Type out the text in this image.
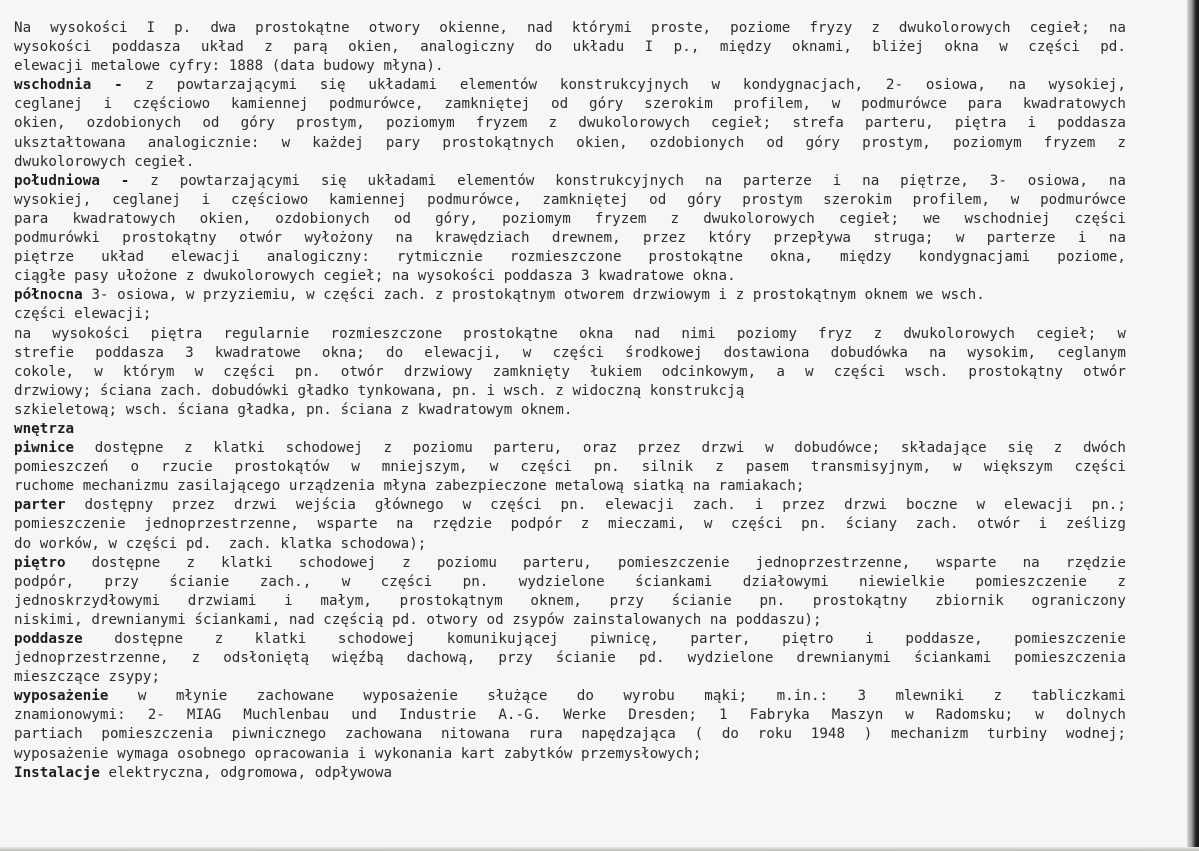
Na wysokości I p. dwa prostokątne otwory okienne, nad którymi proste, poziome fryzy z dwukolorowych cegieł; na
wysokości poddasza układ z parą okien, analogiczny do układu I p., między oknami, bliżej okna w części pd.
elewacji metalowe cyfry: 1888 (data budowy młyna).
wschodnia - z powtarzającymi się układami elementów konstrukcyjnych w kondygnacjach, 2- osiowa, na wysokiej,
ceglanej i częściowo kamiennej podmurówce, zamkniętej od góry szerokim profilem, w podmurówce para kwadratowych
okien, ozdobionych od góry prostym, poziomym fryzem z dwukolorowych cegieł; strefa parteru, piętra i poddasza
ukształtowana analogicznie: w każdej pary prostokątnych okien, ozdobionych od góry prostym, poziomym fryzem z
dwukolorowych cegieł.
południowa - z powtarzającymi się układami elementów konstrukcyjnych na parterze i na piętrze, 3- osiowa, na
wysokiej, ceglanej i częściowo kamiennej podmurówce, zamkniętej od góry prostym szerokim profilem, w podmurówce
para kwadratowych okien, ozdobionych od góry, poziomym fryzem z dwukolorowych cegieł; we wschodniej części
podmurówki prostokątny otwór wyłożony na krawędziach drewnem, przez który przepływa struga; w parterze i na
piętrze układ elewacji analogiczny: rytmicznie rozmieszczone prostokątne okna, między kondygnacjami poziome,
ciągłe pasy ułożone z dwukolorowych cegieł; na wysokości poddasza 3 kwadratowe okna.
północna 3- osiowa, w przyziemiu, w części zach. z prostokątnym otworem drzwiowym i z prostokątnym oknem we wsch.
części elewacji;
na wysokości piętra regularnie rozmieszczone prostokątne okna nad nimi poziomy fryz z dwukolorowych cegieł; w
strefie poddasza 3 kwadratowe okna; do elewacji, w części środkowej dostawiona dobudówka na wysokim, ceglanym
cokole, w którym w części pn. otwór drzwiowy zamknięty łukiem odcinkowym, a w części wsch. prostokątny otwór
drzwiowy; ściana zach. dobudówki gładko tynkowana, pn. i wsch. z widoczną konstrukcją
szkieletową; wsch. ściana gładka, pn. ściana z kwadratowym oknem.
wnętrza
piwnice dostępne z klatki schodowej z poziomu parteru, oraz przez drzwi w dobudówce; składające się z dwóch
pomieszczeń o rzucie prostokątów w mniejszym, w części pn. silnik z pasem transmisyjnym, w większym części
ruchome mechanizmu zasilającego urządzenia młyna zabezpieczone metalową siatką na ramiakach;
parter dostępny przez drzwi wejścia głównego w części pn. elewacji zach. i przez drzwi boczne w elewacji pn.;
pomieszczenie jednoprzestrzenne, wsparte na rzędzie podpór z mieczami, w części pn. ściany zach. otwór i ześlizg
do worków, w części pd.  zach. klatka schodowa);
piętro dostępne z klatki schodowej z poziomu parteru, pomieszczenie jednoprzestrzenne, wsparte na rzędzie
podpór, przy ścianie zach., w części pn. wydzielone ściankami działowymi niewielkie pomieszczenie z
jednoskrzydłowymi drzwiami i małym, prostokątnym oknem, przy ścianie pn. prostokątny zbiornik ograniczony
niskimi, drewnianymi ściankami, nad częścią pd. otwory od zsypów zainstalowanych na poddaszu);
poddasze dostępne z klatki schodowej komunikującej piwnicę, parter, piętro i poddasze, pomieszczenie
jednoprzestrzenne, z odsłoniętą więźbą dachową, przy ścianie pd. wydzielone drewnianymi ściankami pomieszczenia
mieszczące zsypy;
wyposażenie w młynie zachowane wyposażenie służące do wyrobu mąki; m.in.: 3 mlewniki z tabliczkami
znamionowymi: 2- MIAG Muchlenbau und Industrie A.-G. Werke Dresden; 1 Fabryka Maszyn w Radomsku; w dolnych
partiach pomieszczenia piwnicznego zachowana nitowana rura napędzająca ( do roku 1948 ) mechanizm turbiny wodnej;
wyposażenie wymaga osobnego opracowania i wykonania kart zabytków przemysłowych;
Instalacje elektryczna, odgromowa, odpływowa
